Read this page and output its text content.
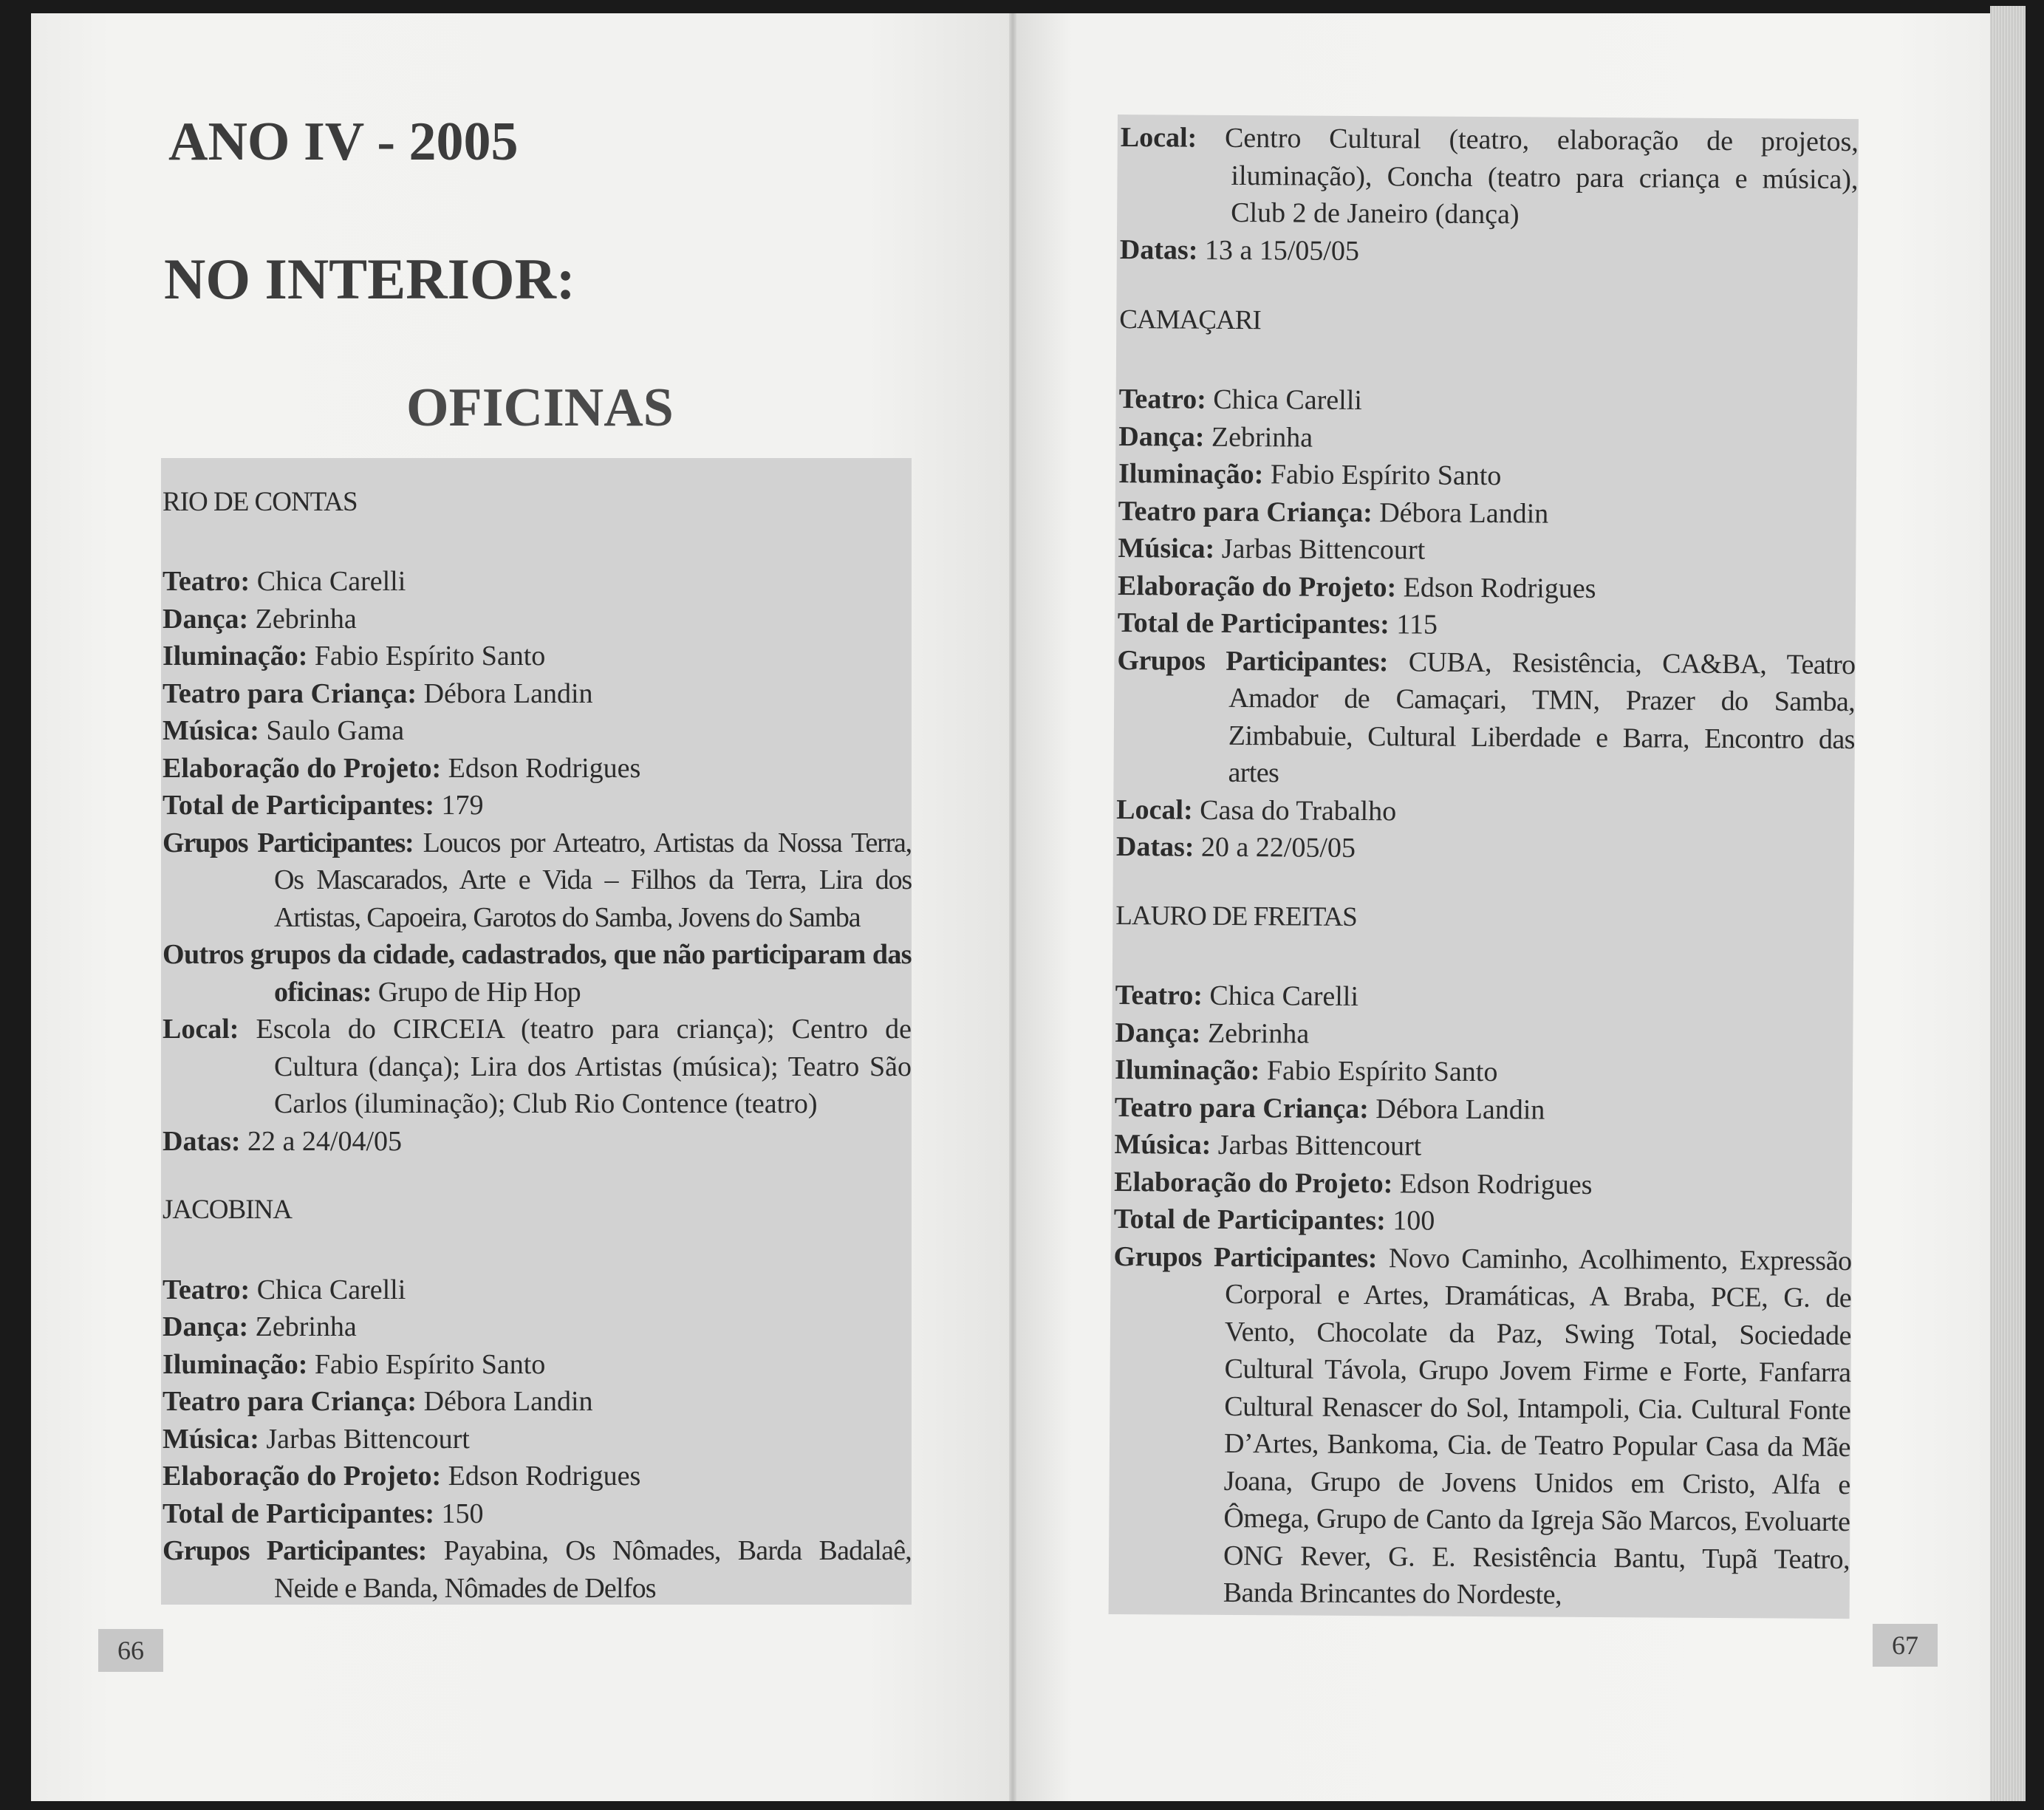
ANO IV - 2005
NO INTERIOR:
OFICINAS

RIO DE CONTAS

Teatro: Chica Carelli

Dança: Zebrinha

Iluminação: Fabio Espírito Santo

Teatro para Criança: Débora Landin

Música: Saulo Gama

Elaboração do Projeto: Edson Rodrigues

Total de Participantes: 179

Grupos Participantes: Loucos por Arteatro, Artistas da Nossa Terra, Os Mascarados, Arte e Vida – Filhos da Terra, Lira dos Artistas, Capoeira, Garotos do Samba, Jovens do Samba

Outros grupos da cidade, cadastrados, que não participaram das oficinas: Grupo de Hip Hop

Local: Escola do CIRCEIA (teatro para criança); Centro de Cultura (dança); Lira dos Artistas (música); Teatro São Carlos (iluminação); Club Rio Contence (teatro)

Datas: 22 a 24/04/05

JACOBINA

Teatro: Chica Carelli

Dança: Zebrinha

Iluminação: Fabio Espírito Santo

Teatro para Criança: Débora Landin

Música: Jarbas Bittencourt

Elaboração do Projeto: Edson Rodrigues

Total de Participantes: 150

Grupos Participantes: Payabina, Os Nômades, Barda Badalaê, Neide e Banda, Nômades de Delfos

66

Local: Centro Cultural (teatro, elaboração de projetos, iluminação), Concha (teatro para criança e música), Club 2 de Janeiro (dança)

Datas: 13 a 15/05/05

CAMAÇARI

Teatro: Chica Carelli

Dança: Zebrinha

Iluminação: Fabio Espírito Santo

Teatro para Criança: Débora Landin

Música: Jarbas Bittencourt

Elaboração do Projeto: Edson Rodrigues

Total de Participantes: 115

Grupos Participantes: CUBA, Resistência, CA&BA, Teatro Amador de Camaçari, TMN, Prazer do Samba, Zimbabuie, Cultural Liberdade e Barra, Encontro das artes

Local: Casa do Trabalho

Datas: 20 a 22/05/05

LAURO DE FREITAS

Teatro: Chica Carelli

Dança: Zebrinha

Iluminação: Fabio Espírito Santo

Teatro para Criança: Débora Landin

Música: Jarbas Bittencourt

Elaboração do Projeto: Edson Rodrigues

Total de Participantes: 100

Grupos Participantes: Novo Caminho, Acolhimento, Expressão Corporal e Artes, Dramáticas, A Braba, PCE, G. de Vento, Chocolate da Paz, Swing Total, Sociedade Cultural Távola, Grupo Jovem Firme e Forte, Fanfarra Cultural Renascer do Sol, Intampoli, Cia. Cultural Fonte D’Artes, Bankoma, Cia. de Teatro Popular Casa da Mãe Joana, Grupo de Jovens Unidos em Cristo, Alfa e Ômega, Grupo de Canto da Igreja São Marcos, Evoluarte ONG Rever, G. E. Resistência Bantu, Tupã Teatro, Banda Brincantes do Nordeste,

67
